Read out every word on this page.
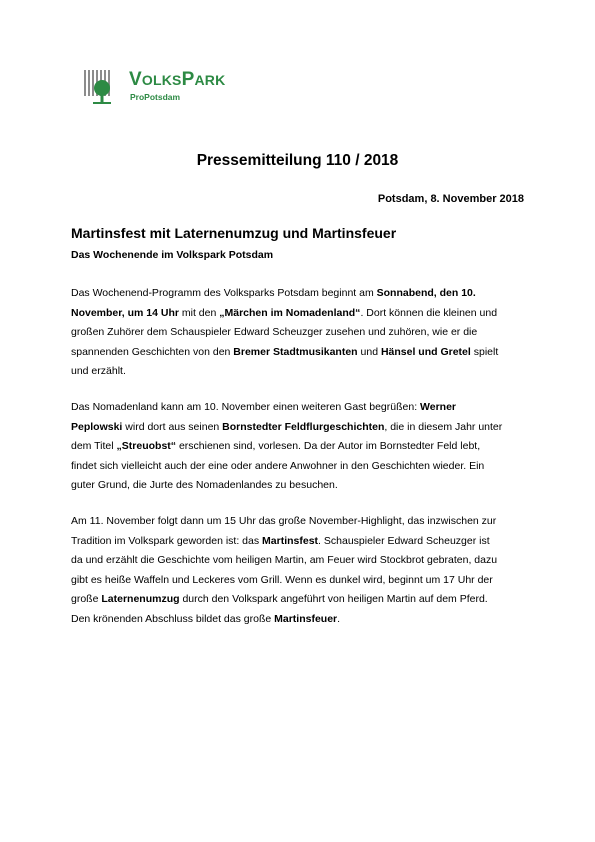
VOLKSPARK
ProPotsdam
Pressemitteilung 110 / 2018
Potsdam, 8. November 2018
Martinsfest mit Laternenumzug und Martinsfeuer
Das Wochenende im Volkspark Potsdam

Das Wochenend-Programm des Volksparks Potsdam beginnt am Sonnabend, den 10.
November, um 14 Uhr mit den „Märchen im Nomadenland“. Dort können die kleinen und
großen Zuhörer dem Schauspieler Edward Scheuzger zusehen und zuhören, wie er die
spannenden Geschichten von den Bremer Stadtmusikanten und Hänsel und Gretel spielt
und erzählt.

Das Nomadenland kann am 10. November einen weiteren Gast begrüßen: Werner
Peplowski wird dort aus seinen Bornstedter Feldflurgeschichten, die in diesem Jahr unter
dem Titel „Streuobst“ erschienen sind, vorlesen. Da der Autor im Bornstedter Feld lebt,
findet sich vielleicht auch der eine oder andere Anwohner in den Geschichten wieder. Ein
guter Grund, die Jurte des Nomadenlandes zu besuchen.

Am 11. November folgt dann um 15 Uhr das große November-Highlight, das inzwischen zur
Tradition im Volkspark geworden ist: das Martinsfest. Schauspieler Edward Scheuzger ist
da und erzählt die Geschichte vom heiligen Martin, am Feuer wird Stockbrot gebraten, dazu
gibt es heiße Waffeln und Leckeres vom Grill. Wenn es dunkel wird, beginnt um 17 Uhr der
große Laternenumzug durch den Volkspark angeführt von heiligen Martin auf dem Pferd.
Den krönenden Abschluss bildet das große Martinsfeuer.
